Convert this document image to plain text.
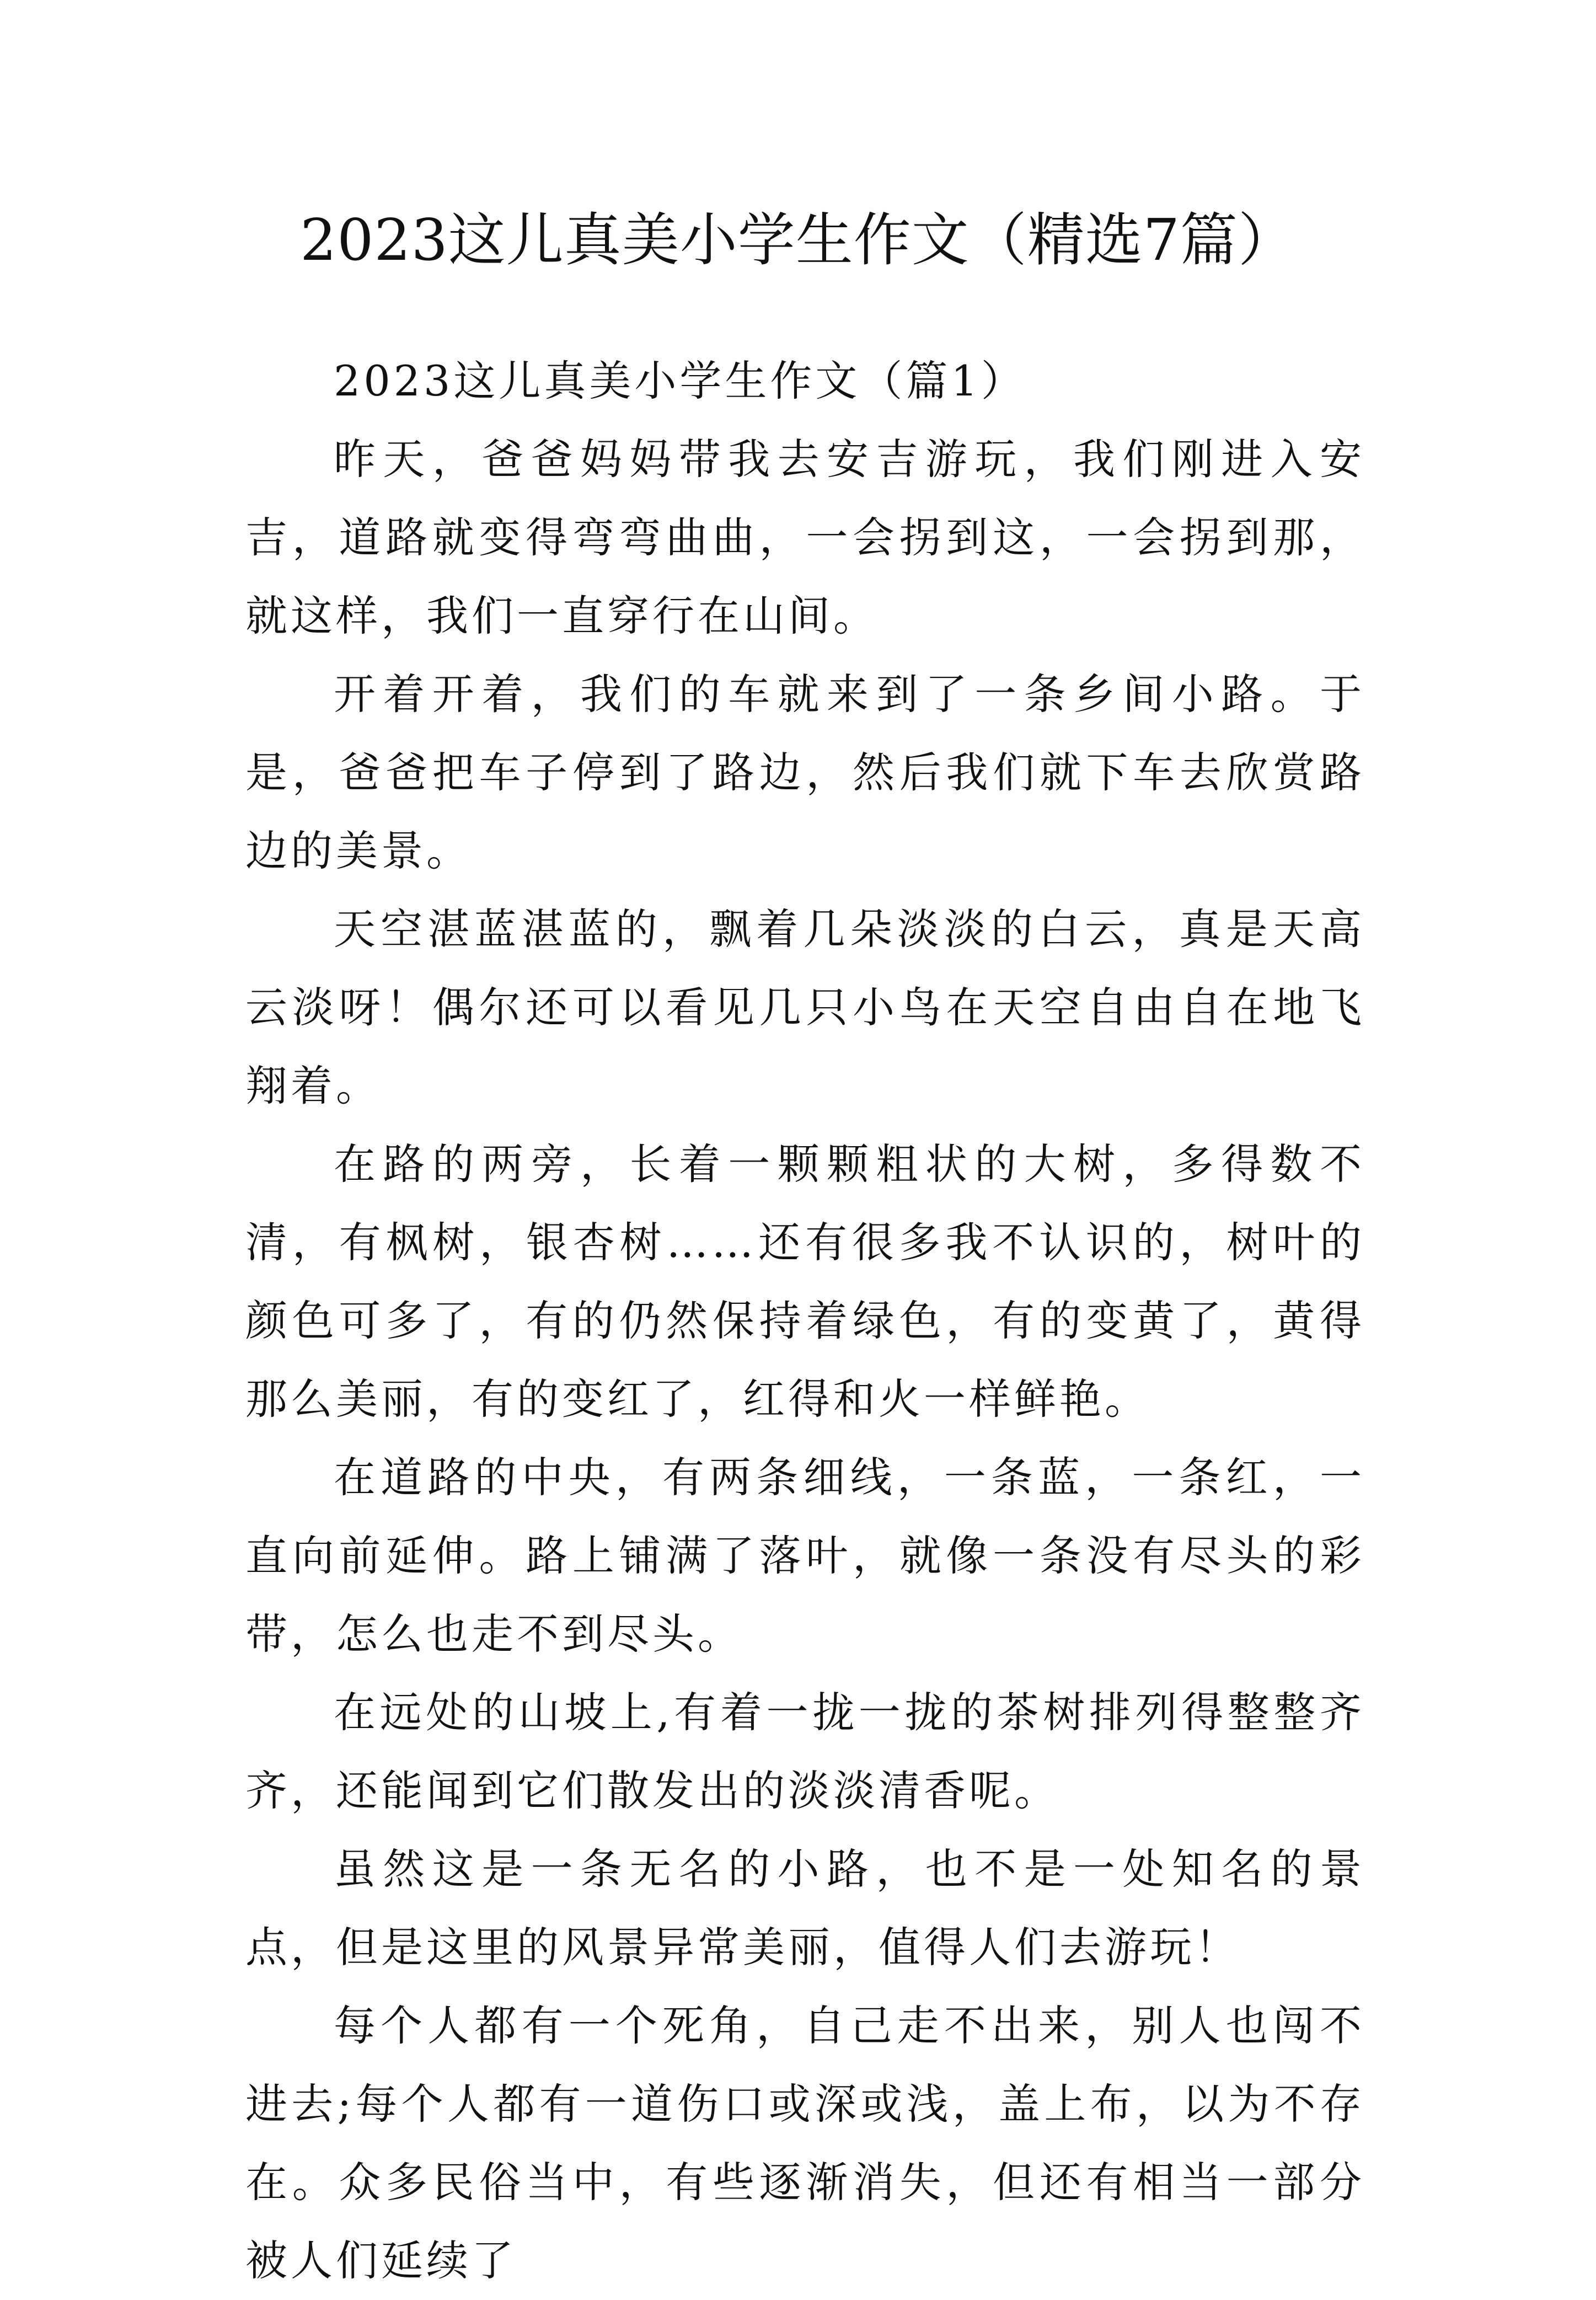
2023这儿真美小学生作文（精选7篇）

2023这儿真美小学生作文（篇1）

昨天，爸爸妈妈带我去安吉游玩，我们刚进入安吉，道路就变得弯弯曲曲，一会拐到这，一会拐到那，就这样，我们一直穿行在山间。

开着开着，我们的车就来到了一条乡间小路。于是，爸爸把车子停到了路边，然后我们就下车去欣赏路边的美景。

天空湛蓝湛蓝的，飘着几朵淡淡的白云，真是天高云淡呀！偶尔还可以看见几只小鸟在天空自由自在地飞翔着。

在路的两旁，长着一颗颗粗状的大树，多得数不清，有枫树，银杏树……还有很多我不认识的，树叶的颜色可多了，有的仍然保持着绿色，有的变黄了，黄得那么美丽，有的变红了，红得和火一样鲜艳。

在道路的中央，有两条细线，一条蓝，一条红，一直向前延伸。路上铺满了落叶，就像一条没有尽头的彩带，怎么也走不到尽头。

在远处的山坡上,有着一拢一拢的茶树排列得整整齐齐，还能闻到它们散发出的淡淡清香呢。

虽然这是一条无名的小路，也不是一处知名的景点，但是这里的风景异常美丽，值得人们去游玩！

每个人都有一个死角，自己走不出来，别人也闯不进去;每个人都有一道伤口或深或浅，盖上布，以为不存在。众多民俗当中，有些逐渐消失，但还有相当一部分被人们延续了
